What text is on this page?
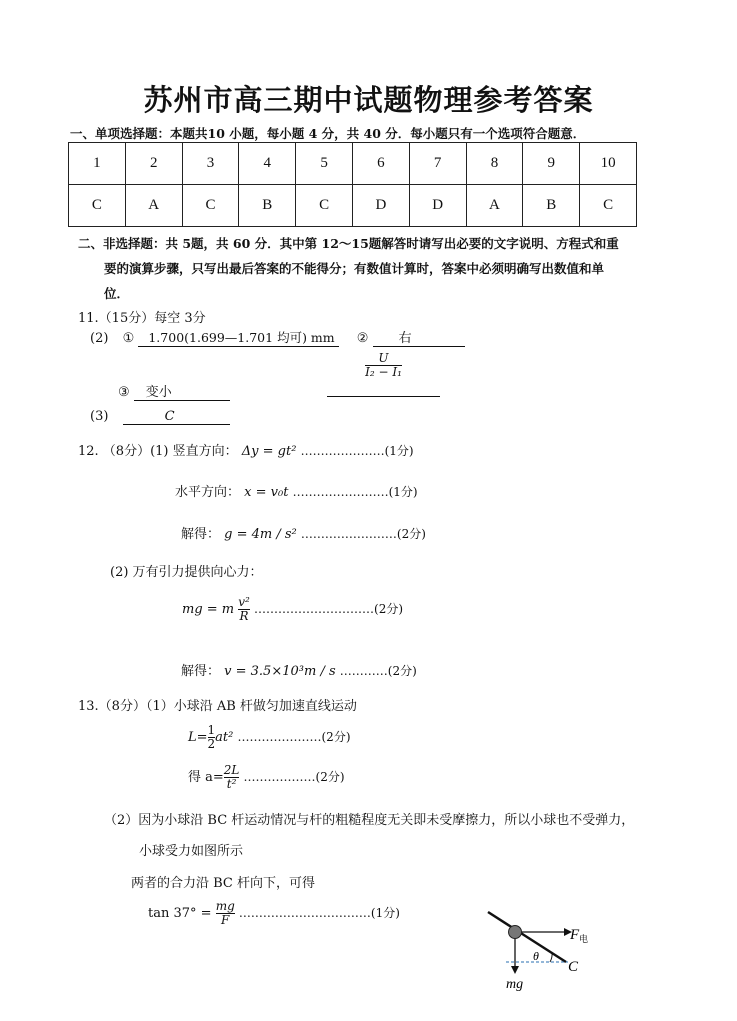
苏州市高三期中试题物理参考答案
一、单项选择题：本题共10 小题，每小题 4 分，共 40 分．每小题只有一个选项符合题意．
1	2	3	4	5	6	7	8	9	10
C	A	C	B	C	D	D	A	B	C
二、非选择题：共 5题，共 60 分．其中第 12～15题解答时请写出必要的文字说明、方程式和重
要的演算步骤，只写出最后答案的不能得分；有数值计算时，答案中必须明确写出数值和单
位．
11.（15分）每空 3分
(2) ① 1.700(1.699—1.701 均可) mm ② 右
③ 变小
$\frac{U}{\text{I₂ − I₁}}$
(3)	C
12. （8分）(1) 竖直方向： Δy = gt² …………………(1分)
水平方向： x = v₀t ……………………(1分)
解得： g = 4m / s² ……………………(2分)
(2) 万有引力提供向心力：
mg = m $\frac{\text{v²}}{R}$ …………………………(2分)
解得： v = 3.5×10³m / s …………(2分)
13.（8分）（1）小球沿 AB 杆做匀加速直线运动
$L= \frac{1}{2} at^2$ …………………(2分)
得 $a= \frac{2L}{\text{t²}}$ ………………(2分)
（2）因为小球沿 BC 杆运动情况与杆的粗糙程度无关即未受摩擦力，所以小球也不受弹力，
小球受力如图所示
两者的合力沿 BC 杆向下，可得
$\tan 37^\circ = \frac{mg}{F}$ ……………………………(1分)
F 电
θ
C
mg
